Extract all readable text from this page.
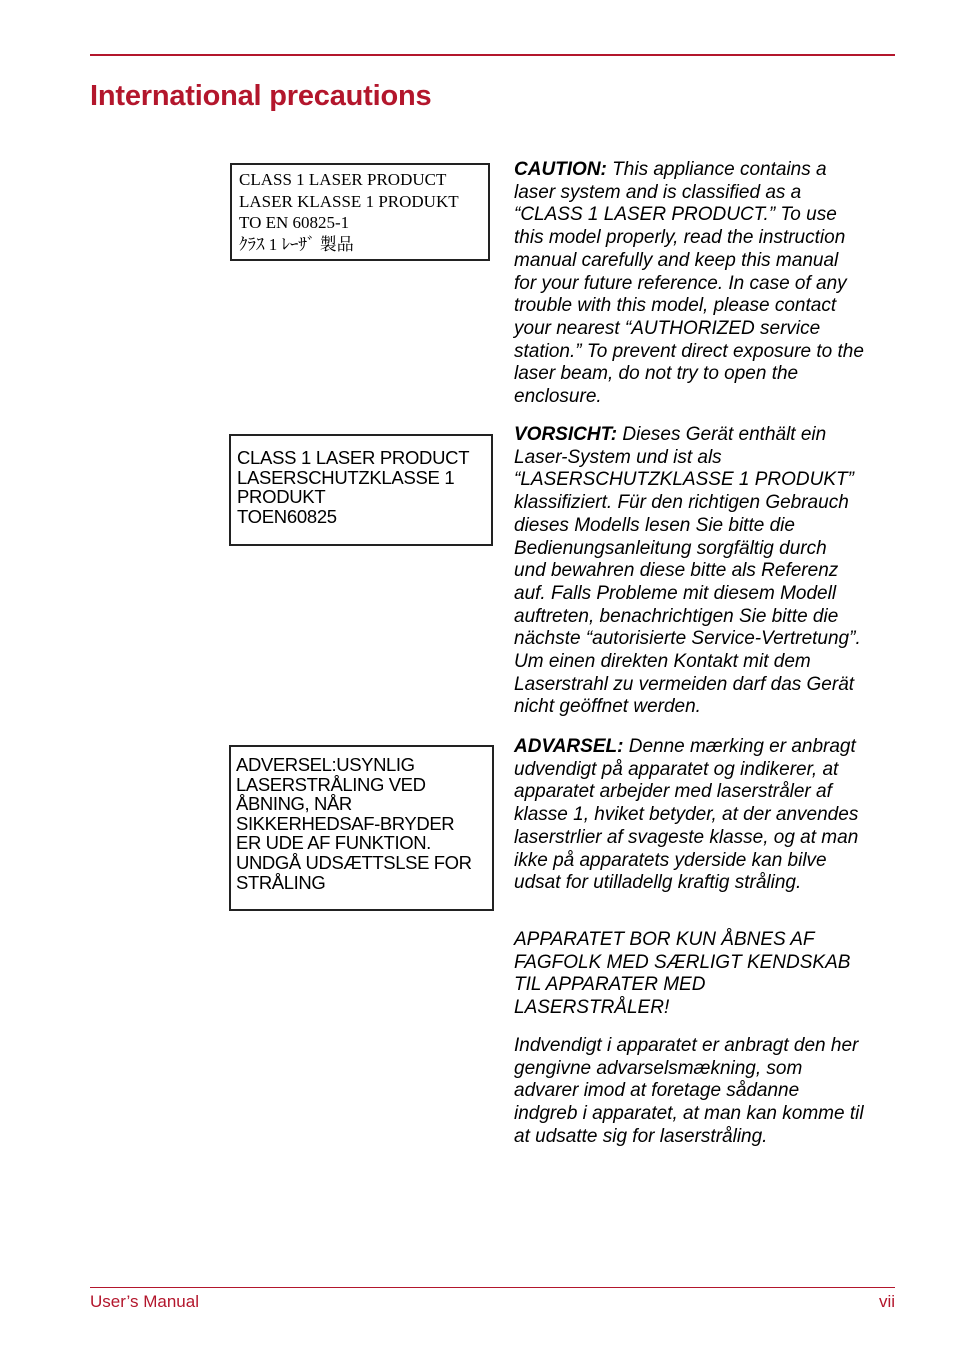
International precautions
CLASS 1 LASER PRODUCT
LASER KLASSE 1 PRODUKT
TO EN 60825-1
ｸﾗｽ 1 ﾚｰｻﾞ 製品
CLASS 1 LASER PRODUCT
LASERSCHUTZKLASSE 1
PRODUKT
TOEN60825
ADVERSEL:USYNLIG
LASERSTRÅLING VED
ÅBNING, NÅR
SIKKERHEDSAF-BRYDER
ER UDE AF FUNKTION.
UNDGÅ UDSÆTTSLSE FOR
STRÅLING

CAUTION: This appliance contains a
laser system and is classified as a
“CLASS 1 LASER PRODUCT.” To use
this model properly, read the instruction
manual carefully and keep this manual
for your future reference. In case of any
trouble with this model, please contact
your nearest “AUTHORIZED service
station.” To prevent direct exposure to the
laser beam, do not try to open the
enclosure.

VORSICHT: Dieses Gerät enthält ein
Laser-System und ist als
“LASERSCHUTZKLASSE 1 PRODUKT”
klassifiziert. Für den richtigen Gebrauch
dieses Modells lesen Sie bitte die
Bedienungsanleitung sorgfältig durch
und bewahren diese bitte als Referenz
auf. Falls Probleme mit diesem Modell
auftreten, benachrichtigen Sie bitte die
nächste “autorisierte Service-Vertretung”.
Um einen direkten Kontakt mit dem
Laserstrahl zu vermeiden darf das Gerät
nicht geöffnet werden.

ADVARSEL: Denne mærking er anbragt
udvendigt på apparatet og indikerer, at
apparatet arbejder med laserstråler af
klasse 1, hviket betyder, at der anvendes
laserstrlier af svageste klasse, og at man
ikke på apparatets yderside kan bilve
udsat for utilladellg kraftig stråling.

APPARATET BOR KUN ÅBNES AF
FAGFOLK MED SÆRLIGT KENDSKAB
TIL APPARATER MED
LASERSTRÅLER!

Indvendigt i apparatet er anbragt den her
gengivne advarselsmækning, som
advarer imod at foretage sådanne
indgreb i apparatet, at man kan komme til
at udsatte sig for laserstråling.

User’s Manual	vii
